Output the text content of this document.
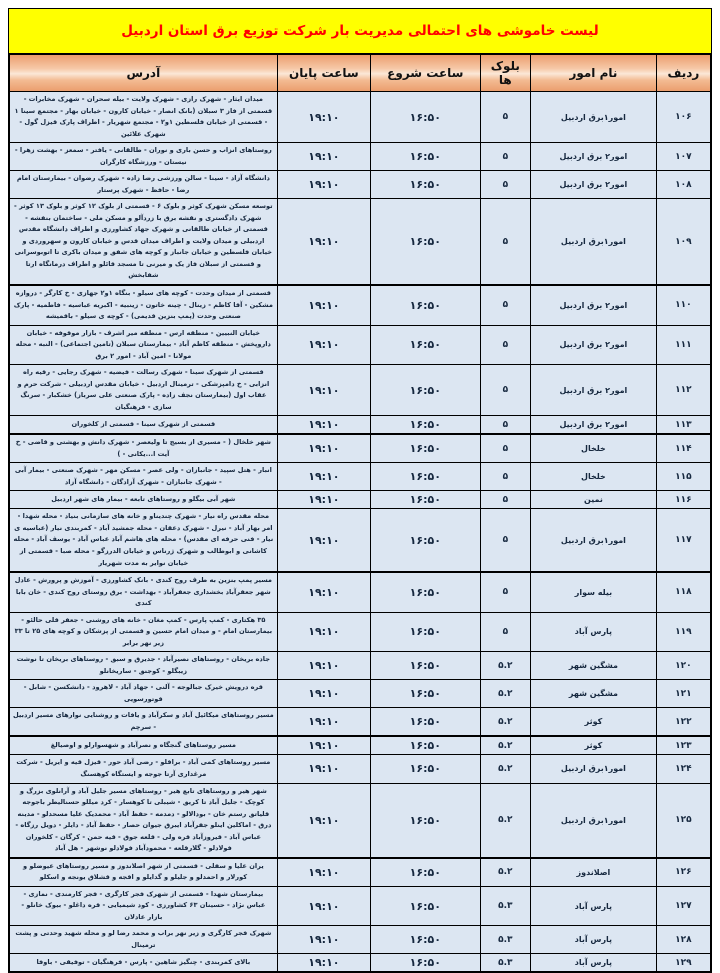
لیست خاموشی های احتمالی مدیریت بار شرکت توزیع برق استان اردبیل
ردیف	نام امور	بلوک ها	ساعت شروع	ساعت پایان	آدرس
۱۰۶	امور۱برق اردبیل	۵	۱۶:۵۰	۱۹:۱۰	میدان ایثار - شهرک رازی - شهرک ولایت - بیله سحران - شهرک مخابرات - قسمتی از فاز ۳ سبلان (بانک انصار - خیابان کارون - خیابان بهار - مجتمع سینا ۱ - قسمتی از خیابان فلسطین ۱و۲ - مجتمع شهریار - اطراف پارک قیزل گول - شهرک علائین
۱۰۷	امور۲ برق اردبیل	۵	۱۶:۵۰	۱۹:۱۰	روستاهای انزاب و حسن باری و نوران - طالقانی - یافتر - سمعز - بهشت زهرا - نیستان - ورزشگاه کارگران
۱۰۸	امور۲ برق اردبیل	۵	۱۶:۵۰	۱۹:۱۰	دانشگاه آزاد - سینا - سالن ورزشی رضا زاده - شهرک رضوان - بیمارستان امام رضا - حافظ - شهرک پرستار
۱۰۹	امور۱برق اردبیل	۵	۱۶:۵۰	۱۹:۱۰	توسعه مسکن شهرک کوثر و بلوک ۶ - قسمتی از بلوک ۱۲ کوثر و بلوک ۱۳ کوثر - شهرک دادگستری و نقشه برق با زردآلو و مسکن ملی - ساختمان بنفشه - قسمتی از خیابان طالقانی و شهرک جهاد کشاورزی و اطراف دانشگاه مقدس اردبیلی و میدان ولایت و اطراف میدان قدس و خیابان کارون و سهروردی و خیابان فلسطین و خیابان جانباز و کوچه های شفق و میدان باکری تا اتوبوسرانی و قسمتی از سبلان فاز یک و میرنی تا مسجد قائلو و اطراف درمانگاه ارتا شفابخش
۱۱۰	امور۲ برق اردبیل	۵	۱۶:۵۰	۱۹:۱۰	قسمتی از میدان وحدت - کوچه های سیلو - بنگاه ۱و۲ جهازی - خ کارگر - دروازه مشکین - آقا کاظم - زینال - چینه خاتون - زینبیه - اکبریه عباسیه - فاطمیه - پارک صنعتی وحدت (پمپ بنزین قدیمی) - کوچه ی سیلو - باقمیشه
۱۱۱	امور۲ برق اردبیل	۵	۱۶:۵۰	۱۹:۱۰	خیابان النبیین - منطقه ارس - منطقه میر اشرف - بازار موقوفه - خیابان داروپخش - منطقه کاظم آباد - بیمارستان سبلان (تامین اجتماعی) - النبه - محله مولانا - امین آباد - امور ۲ برق
۱۱۲	امور۲ برق اردبیل	۵	۱۶:۵۰	۱۹:۱۰	قسمتی از شهرک سینا - شهرک رسالت - فیضیه - شهرک رجایی - رقیه راه انزابی - خ دامپزشکی - ترمینال اردبیل - خیابان مقدس اردبیلی - شرکت حرم و عقاب اول (بیمارستان نجف زاده - پارک صنعتی علی سرباز) خشکبار - سرنگ سازی - فرهنگیان
۱۱۳	امور۲ برق اردبیل	۵	۱۶:۵۰	۱۹:۱۰	قسمتی از شهرک سینا - قسمتی از کلخوران
۱۱۴	خلخال	۵	۱۶:۵۰	۱۹:۱۰	شهر خلخال ( - مسیری از بسیج تا ولیعصر - شهرک دانش و بهشتی و قاضی - خ آیت ا...یکانی - )
۱۱۵	خلخال	۵	۱۶:۵۰	۱۹:۱۰	انبار - هتل سپید - جانبازان - ولی عصر - مسکن مهر - شهرک صنعتی - بیمار آبی - شهرک جانبازان - شهرک آزادگان - دانشگاه آزاد
۱۱۶	نمین	۵	۱۶:۵۰	۱۹:۱۰	شهر آبی بیگلو و روستاهای تابعه - بیمار های شهر اردبیل
۱۱۷	امور۱برق اردبیل	۵	۱۶:۵۰	۱۹:۱۰	محله مقدس راه نیار - شهرک چندیناو و خانه های سازمانی بنیاد - محله شهدا - امر بهار آباد - نیرل - شهرک دعقان - محله جمشید آباد - کمربندی نیار (عباسیه ی نیار - فنی حرفه ای مقدس) - محله های هاشم آباد عباس آباد - یوسف آباد - محله کاشانی و ابوطالب و شهرک ژرناس و خیابان الدرزگو - محله صبا - قسمتی از خیابان نوایر به مدت شهریار
۱۱۸	بیله سوار	۵	۱۶:۵۰	۱۹:۱۰	مسیر پمپ بنزین به طرف روح کندی - بانک کشاورزی - آموزش و پرورش - عادل شهر جعفرآباد بخشداری جعفرآباد - بهداشت - برق روستای روح کندی - خان بابا کندی
۱۱۹	پارس آباد	۵	۱۶:۵۰	۱۹:۱۰	۳۵ هکتاری - کمپ پارس - کمپ مغان - خانه های روشنی - جعفر قلی حالئو - بیمارستان امام - و میدان امام حسین و قسمتی از پزشکان و کوچه های ۲۵ تا ۳۳ زیر نهر برابر
۱۲۰	مشگین شهر	۵.۲	۱۶:۵۰	۱۹:۱۰	جاده بریخان - روستاهای نصیرآباد - جدیرق و سبق - روستاهای بریخان تا نوشت زیبگلو - کوجنق - ساریخانلو
۱۲۱	مشگین شهر	۵.۲	۱۶:۵۰	۱۹:۱۰	قره درویش خیرک جبالوجه - آلنی - جهاد آباد - لاهرود - دانشکسن - شابل - قوتورسویی
۱۲۲	کوثر	۵.۲	۱۶:۵۰	۱۹:۱۰	مسیر روستاهای میکائیل آباد و سکرآباد و یافات و روشنایی نوارهای مسیر اردبیل - سرچم
۱۲۳	کوثر	۵.۲	۱۶:۵۰	۱۹:۱۰	مسیر روستاهای گنجگاه و نصرآباد و شهسوارلو و اوصیالغ
۱۲۴	امور۱برق اردبیل	۵.۲	۱۶:۵۰	۱۹:۱۰	مسیر روستاهای کمی آباد - براقلو - رضی آباد حور - قیزل قیه و ایریل - شرکت مرغداری آرتا جوجه و ایستگاه کوهسنگ
۱۲۵	امور۱برق اردبیل	۵.۲	۱۶:۵۰	۱۹:۱۰	شهر هیر و روستاهای تابع هیر - روستاهای مسیر جلیل آباد و آرانلوی بزرگ و کوچک - جلیل آباد تا کریق - شیبلی تا کوهسار - کرد میللو حسنالیطر باجوجه قلیاتق رستم خان - بودالالو - دمدمه - حفظ آباد - محمدیک علیا مسحدلو - مدینه درق - اماکلین اینلو جفرآباد ایبرق جیوان حصار - حفظ آباد - دایلر - دویل رزگاه - عباس آباد - قیروزآباد قره ولی - قلعه جوق - قیه حمن - کرگان - کلخوران فولادلو - گلارقلعه - محمودآباد فولادلو نوشهر - هل آباد
۱۲۶	اصلاندوز	۵.۲	۱۶:۵۰	۱۹:۱۰	یران علیا و سفلی - قسمتی از شهر اصلاندوز و مسیر روستاهای عیوضلو و کورلار و احمدلو و جلیلو و گدایلو و اقجه و قشلاق یونجه و اسکلو
۱۲۷	پارس آباد	۵.۳	۱۶:۵۰	۱۹:۱۰	بیمارستان شهدا - قسمتی از شهرک فجر کارگری - فجر کارمندی - نمازی - عباس نژاد - حسینان ۶۳ کشاورزی - کود شیمیایی - قره داغلو - بیوک خانلو - بازار عادلان
۱۲۸	پارس آباد	۵.۳	۱۶:۵۰	۱۹:۱۰	شهرک فجر کارگری و زیر نهر براب و محمد رضا لو و محله شهید وحدتی و پشت ترمینال
۱۲۹	پارس آباد	۵.۳	۱۶:۵۰	۱۹:۱۰	بالای کمربندی - چنگیز شاهین - پارس - فرهنگیان - توفیقی - باوفا
